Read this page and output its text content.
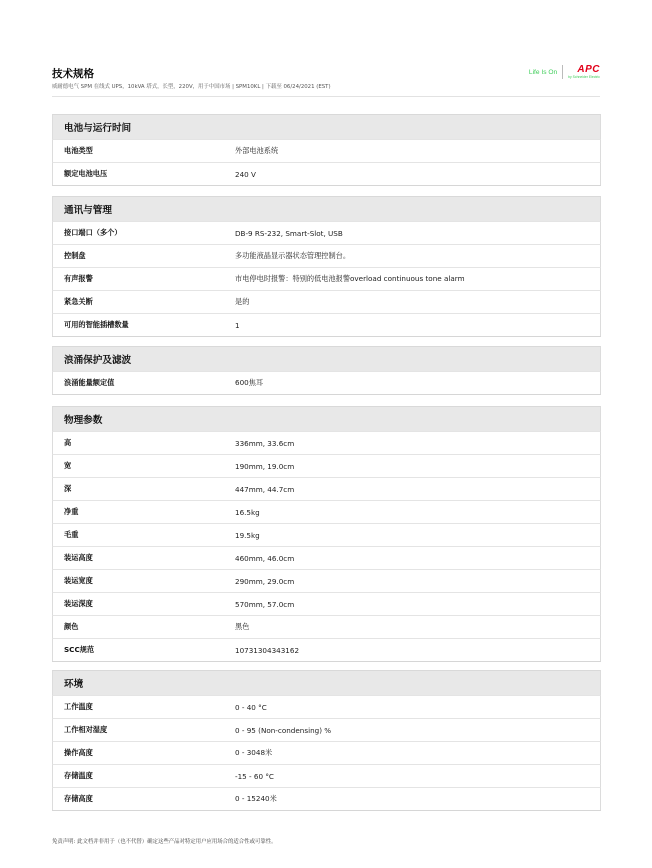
技术规格
威耐德电气 SPM 在线式 UPS，10kVA 塔式，长型，220V，用于中国市场 | SPM10KL | 下载至 06/24/2021 (EST)
Life Is On APC
by Schneider Electric
电池与运行时间
电池类型	外部电池系统
额定电池电压	240 V
通讯与管理
接口端口（多个）	DB-9 RS-232, Smart-Slot, USB
控制盘	多功能液晶显示器状态管理控制台。
有声报警	市电停电时报警：特别的低电池报警overload continuous tone alarm
紧急关断	是的
可用的智能插槽数量	1
浪涌保护及滤波
浪涌能量额定值	600焦耳
物理参数
高	336mm, 33.6cm
宽	190mm, 19.0cm
深	447mm, 44.7cm
净重	16.5kg
毛重	19.5kg
装运高度	460mm, 46.0cm
装运宽度	290mm, 29.0cm
装运深度	570mm, 57.0cm
颜色	黑色
SCC规范	10731304343162
环境
工作温度	0 - 40 °C
工作相对湿度	0 - 95 (Non-condensing) %
操作高度	0 - 3048米
存储温度	-15 - 60 °C
存储高度	0 - 15240米
免责声明: 此文档并非用于（也不代替）确定这些产品对特定用户应用场合的适合性或可靠性。
